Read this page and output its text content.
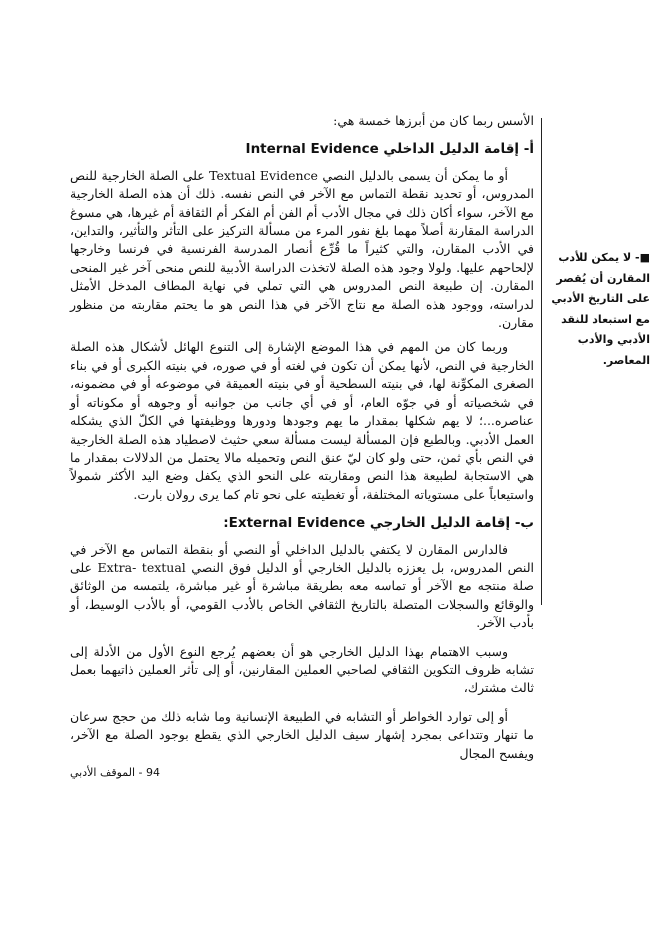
الأسس ربما كان من أبرزها خمسة هي:

أ- إقامة الدليل الداخلي Internal Evidence

أو ما يمكن أن يسمى بالدليل النصي Textual Evidence على الصلة الخارجية للنص المدروس، أو تحديد نقطة التماس مع الآخر في النص نفسه. ذلك أن هذه الصلة الخارجية مع الآخر، سواء أكان ذلك في مجال الأدب أم الفن أم الفكر أم الثقافة أم غيرها، هي مسوغ الدراسة المقارنة أصلاً مهما بلغ نفور المرء من مسألة التركيز على التأثر والتأثير، والتداين، في الأدب المقارن، والتي كثيراً ما قُرِّع أنصار المدرسة الفرنسية في فرنسا وخارجها لإلحاحهم عليها. ولولا وجود هذه الصلة لاتخذت الدراسة الأدبية للنص منحى آخر غير المنحى المقارن. إن طبيعة النص المدروس هي التي تملي في نهاية المطاف المدخل الأمثل لدراسته، ووجود هذه الصلة مع نتاج الآخر في هذا النص هو ما يحتم مقاربته من منظور مقارن.

وربما كان من المهم في هذا الموضع الإشارة إلى التنوع الهائل لأشكال هذه الصلة الخارجية في النص، لأنها يمكن أن تكون في لغته أو في صوره، في بنيته الكبرى أو في بناء الصغرى المكوِّنة لها، في بنيته السطحية أو في بنيته العميقة في موضوعه أو في مضمونه، في شخصياته أو في جوّه العام، أو في أي جانب من جوانبه أو وجوهه أو مكوناته أو عناصره...؛ لا يهم شكلها بمقدار ما يهم وجودها ودورها ووظيفتها في الكلّ الذي يشكله العمل الأدبي. وبالطبع فإن المسألة ليست مسألة سعي حثيث لاصطياد هذه الصلة الخارجية في النص بأي ثمن، حتى ولو كان ليّ عنق النص وتحميله مالا يحتمل من الدلالات بمقدار ما هي الاستجابة لطبيعة هذا النص ومقاربته على النحو الذي يكفل وضع اليد الأكثر شمولاً واستيعاباً على مستوياته المختلفة، أو تغطيته على نحو تام كما يرى رولان بارت.

ب- إقامة الدليل الخارجي External Evidence:

فالدارس المقارن لا يكتفي بالدليل الداخلي أو النصي أو بنقطة التماس مع الآخر في النص المدروس، بل يعززه بالدليل الخارجي أو الدليل فوق النصي Extra- textual على صلة منتجه مع الآخر أو تماسه معه بطريقة مباشرة أو غير مباشرة، يلتمسه من الوثائق والوقائع والسجلات المتصلة بالتاريخ الثقافي الخاص بالأدب القومي، أو بالأدب الوسيط، أو بأدب الآخر.

وسبب الاهتمام بهذا الدليل الخارجي هو أن بعضهم يُرجع النوع الأول من الأدلة إلى تشابه ظروف التكوين الثقافي لصاحبي العملين المقارنين، أو إلى تأثر العملين ذاتيهما بعمل ثالث مشترك،

أو إلى توارد الخواطر أو التشابه في الطبيعة الإنسانية وما شابه ذلك من حجج سرعان ما تنهار وتتداعى بمجرد إشهار سيف الدليل الخارجي الذي يقطع بوجود الصلة مع الآخر، ويفسح المجال

■- لا يمكن للأدب المقارن أن يُقصر على التاريخ الأدبي مع استبعاد للنقد الأدبي والأدب المعاصر.
94 - الموقف الأدبي
